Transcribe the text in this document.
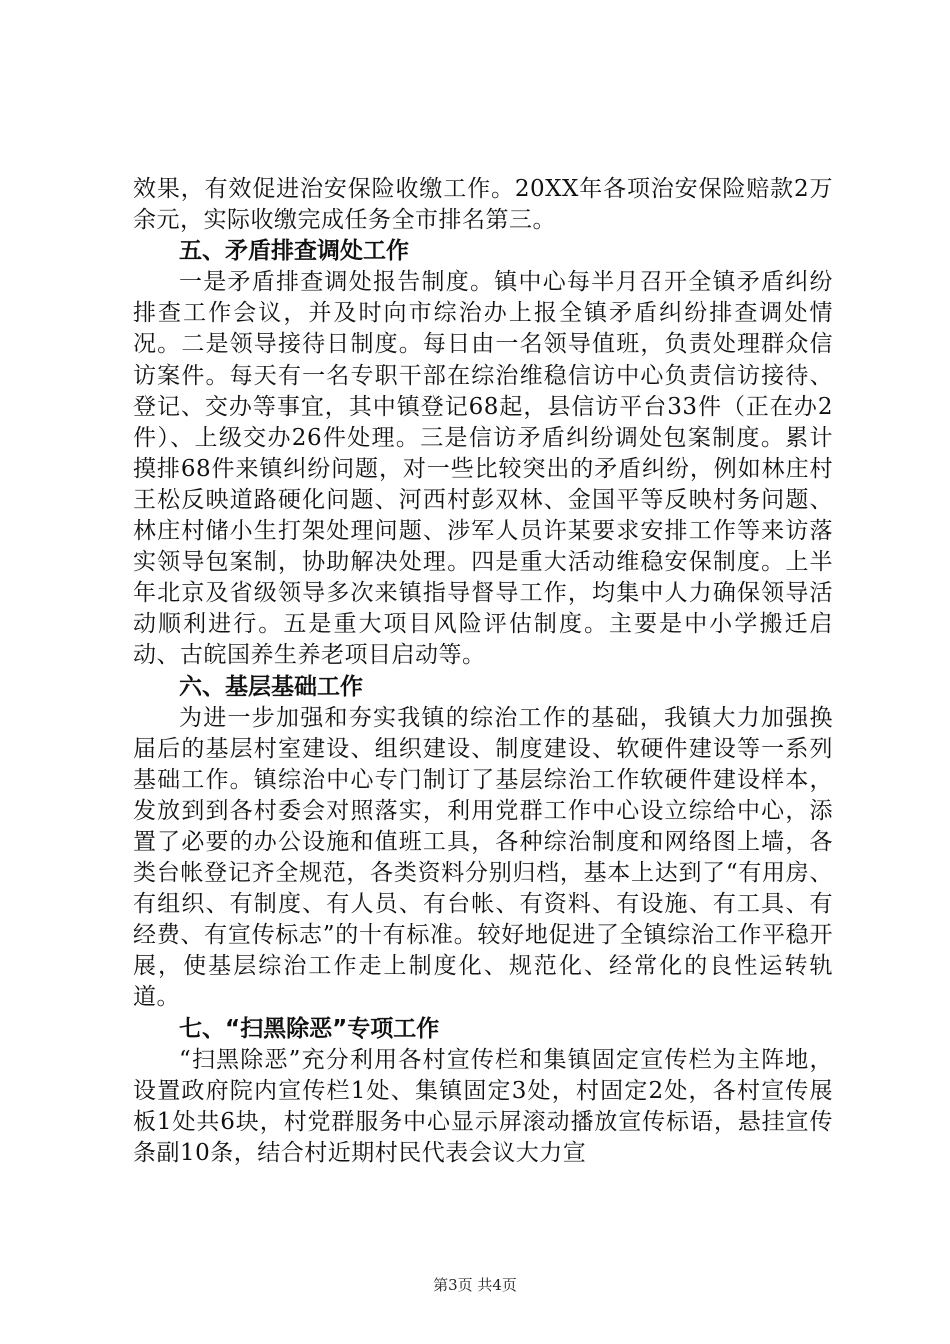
效果，有效促进治安保险收缴工作。20XX年各项治安保险赔款2万余元，实际收缴完成任务全市排名第三。

五、矛盾排查调处工作

一是矛盾排查调处报告制度。镇中心每半月召开全镇矛盾纠纷排查工作会议，并及时向市综治办上报全镇矛盾纠纷排查调处情况。二是领导接待日制度。每日由一名领导值班，负责处理群众信访案件。每天有一名专职干部在综治维稳信访中心负责信访接待、登记、交办等事宜，其中镇登记68起，县信访平台33件（正在办2件）、上级交办26件处理。三是信访矛盾纠纷调处包案制度。累计摸排68件来镇纠纷问题，对一些比较突出的矛盾纠纷，例如林庄村王松反映道路硬化问题、河西村彭双林、金国平等反映村务问题、林庄村储小生打架处理问题、涉军人员许某要求安排工作等来访落实领导包案制，协助解决处理。四是重大活动维稳安保制度。上半年北京及省级领导多次来镇指导督导工作，均集中人力确保领导活动顺利进行。五是重大项目风险评估制度。主要是中小学搬迁启动、古皖国养生养老项目启动等。

六、基层基础工作

为进一步加强和夯实我镇的综治工作的基础，我镇大力加强换届后的基层村室建设、组织建设、制度建设、软硬件建设等一系列基础工作。镇综治中心专门制订了基层综治工作软硬件建设样本，发放到到各村委会对照落实，利用党群工作中心设立综给中心，添置了必要的办公设施和值班工具，各种综治制度和网络图上墙，各类台帐登记齐全规范，各类资料分别归档，基本上达到了“有用房、有组织、有制度、有人员、有台帐、有资料、有设施、有工具、有经费、有宣传标志”的十有标准。较好地促进了全镇综治工作平稳开展，使基层综治工作走上制度化、规范化、经常化的良性运转轨道。

七、“扫黑除恶”专项工作

“扫黑除恶”充分利用各村宣传栏和集镇固定宣传栏为主阵地，设置政府院内宣传栏1处、集镇固定3处，村固定2处，各村宣传展板1处共6块，村党群服务中心显示屏滚动播放宣传标语，悬挂宣传条副10条，结合村近期村民代表会议大力宣

第3页 共4页
